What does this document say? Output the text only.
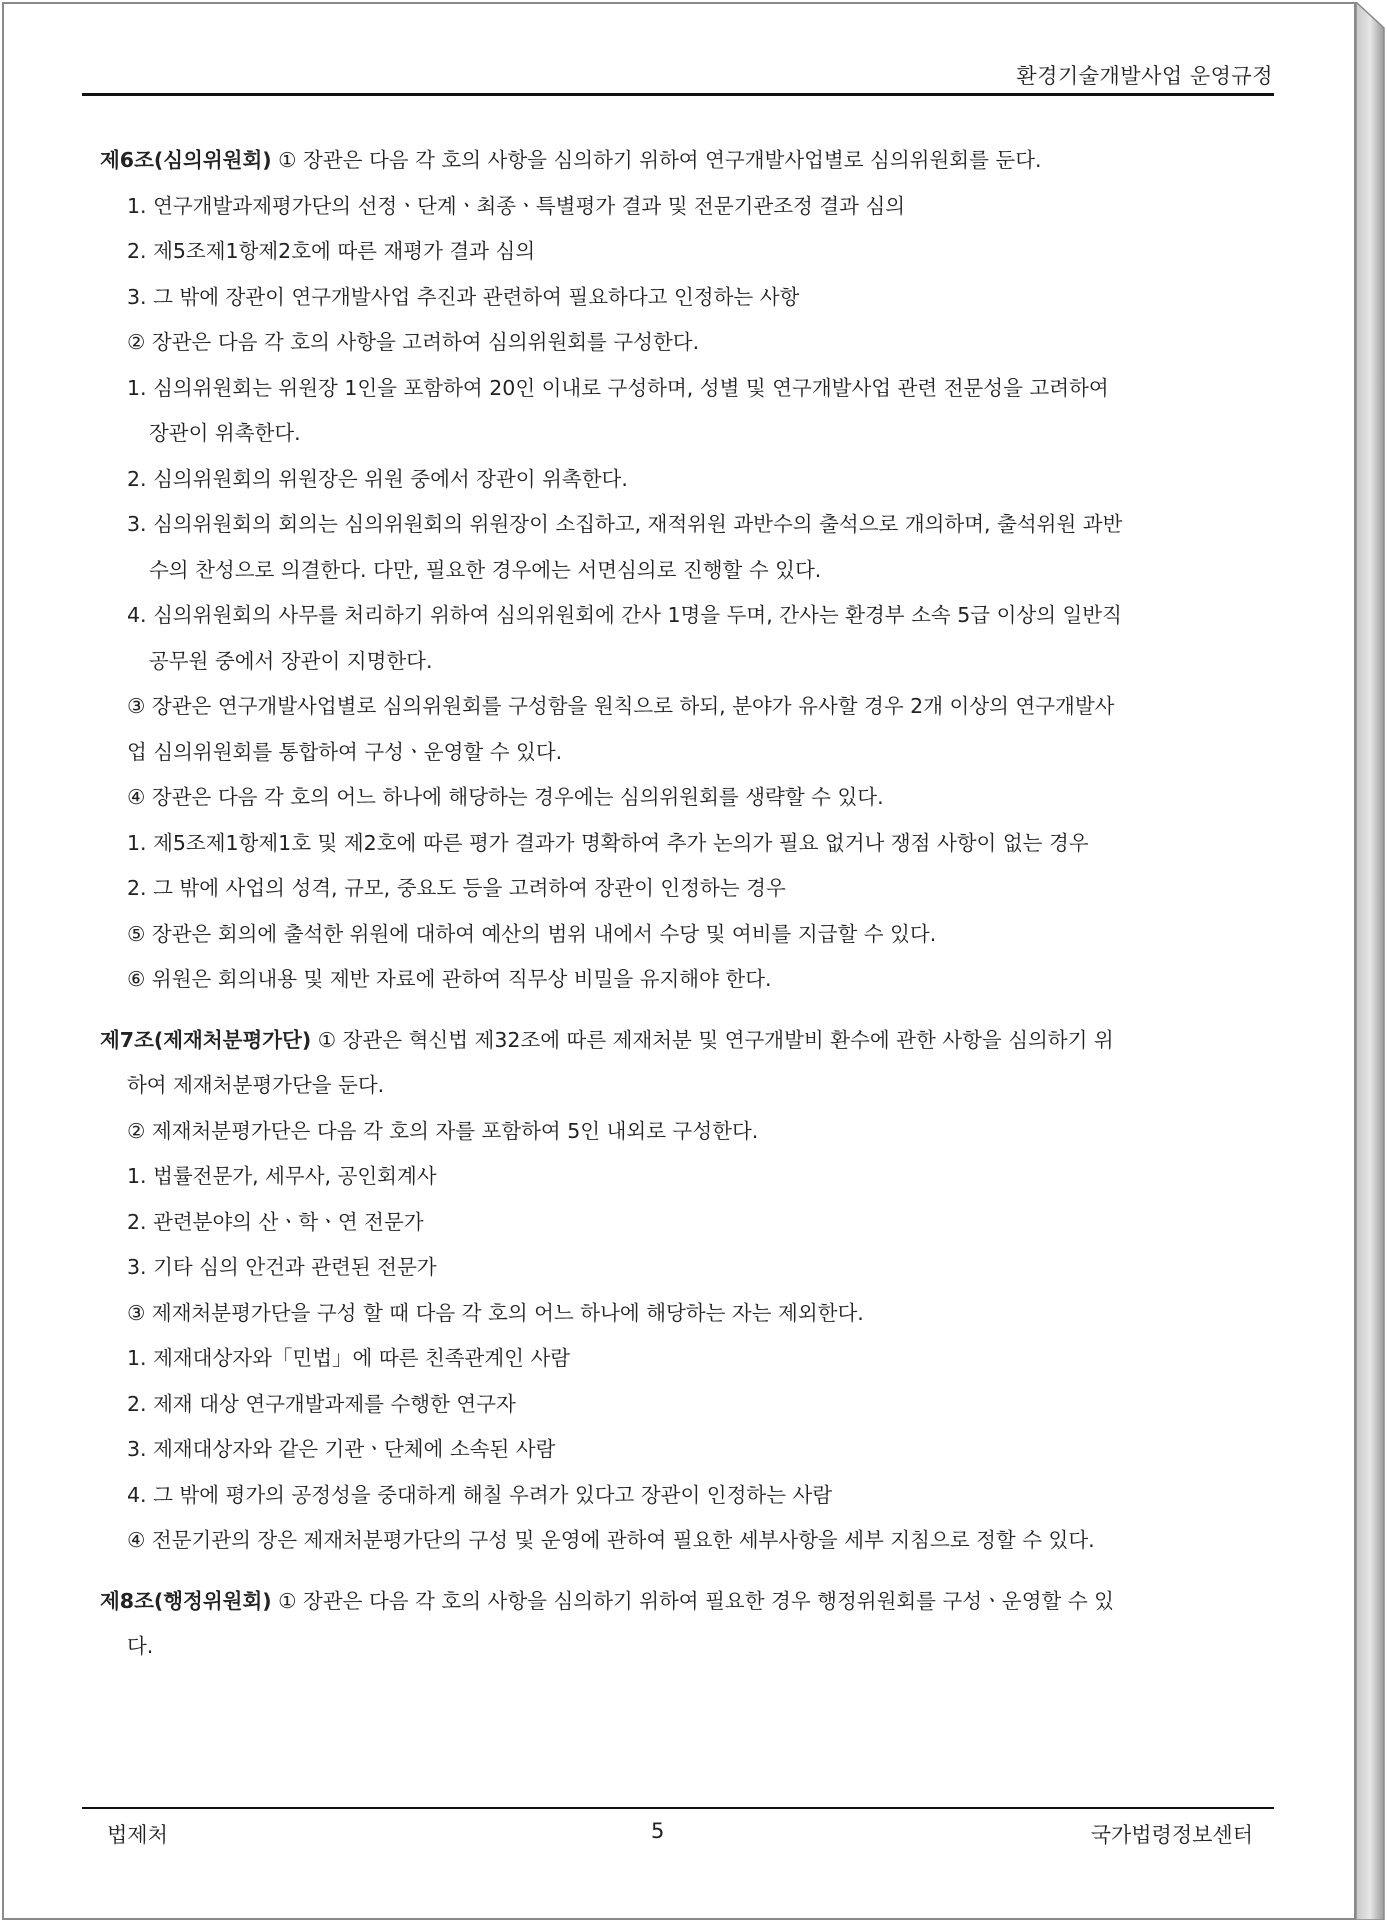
환경기술개발사업 운영규정
제6조(심의위원회) ① 장관은 다음 각 호의 사항을 심의하기 위하여 연구개발사업별로 심의위원회를 둔다.
1. 연구개발과제평가단의 선정ㆍ단계ㆍ최종ㆍ특별평가 결과 및 전문기관조정 결과 심의
2. 제5조제1항제2호에 따른 재평가 결과 심의
3. 그 밖에 장관이 연구개발사업 추진과 관련하여 필요하다고 인정하는 사항
② 장관은 다음 각 호의 사항을 고려하여 심의위원회를 구성한다.
1. 심의위원회는 위원장 1인을 포함하여 20인 이내로 구성하며, 성별 및 연구개발사업 관련 전문성을 고려하여
장관이 위촉한다.
2. 심의위원회의 위원장은 위원 중에서 장관이 위촉한다.
3. 심의위원회의 회의는 심의위원회의 위원장이 소집하고, 재적위원 과반수의 출석으로 개의하며, 출석위원 과반
수의 찬성으로 의결한다. 다만, 필요한 경우에는 서면심의로 진행할 수 있다.
4. 심의위원회의 사무를 처리하기 위하여 심의위원회에 간사 1명을 두며, 간사는 환경부 소속 5급 이상의 일반직
공무원 중에서 장관이 지명한다.
③ 장관은 연구개발사업별로 심의위원회를 구성함을 원칙으로 하되, 분야가 유사할 경우 2개 이상의 연구개발사
업 심의위원회를 통합하여 구성ㆍ운영할 수 있다.
④ 장관은 다음 각 호의 어느 하나에 해당하는 경우에는 심의위원회를 생략할 수 있다.
1. 제5조제1항제1호 및 제2호에 따른 평가 결과가 명확하여 추가 논의가 필요 없거나 쟁점 사항이 없는 경우
2. 그 밖에 사업의 성격, 규모, 중요도 등을 고려하여 장관이 인정하는 경우
⑤ 장관은 회의에 출석한 위원에 대하여 예산의 범위 내에서 수당 및 여비를 지급할 수 있다.
⑥ 위원은 회의내용 및 제반 자료에 관하여 직무상 비밀을 유지해야 한다.
제7조(제재처분평가단) ① 장관은 혁신법 제32조에 따른 제재처분 및 연구개발비 환수에 관한 사항을 심의하기 위
하여 제재처분평가단을 둔다.
② 제재처분평가단은 다음 각 호의 자를 포함하여 5인 내외로 구성한다.
1. 법률전문가, 세무사, 공인회계사
2. 관련분야의 산ㆍ학ㆍ연 전문가
3. 기타 심의 안건과 관련된 전문가
③ 제재처분평가단을 구성 할 때 다음 각 호의 어느 하나에 해당하는 자는 제외한다.
1. 제재대상자와「민법」에 따른 친족관계인 사람
2. 제재 대상 연구개발과제를 수행한 연구자
3. 제재대상자와 같은 기관ㆍ단체에 소속된 사람
4. 그 밖에 평가의 공정성을 중대하게 해칠 우려가 있다고 장관이 인정하는 사람
④ 전문기관의 장은 제재처분평가단의 구성 및 운영에 관하여 필요한 세부사항을 세부 지침으로 정할 수 있다.
제8조(행정위원회) ① 장관은 다음 각 호의 사항을 심의하기 위하여 필요한 경우 행정위원회를 구성ㆍ운영할 수 있
다.
법제처	5	국가법령정보센터
